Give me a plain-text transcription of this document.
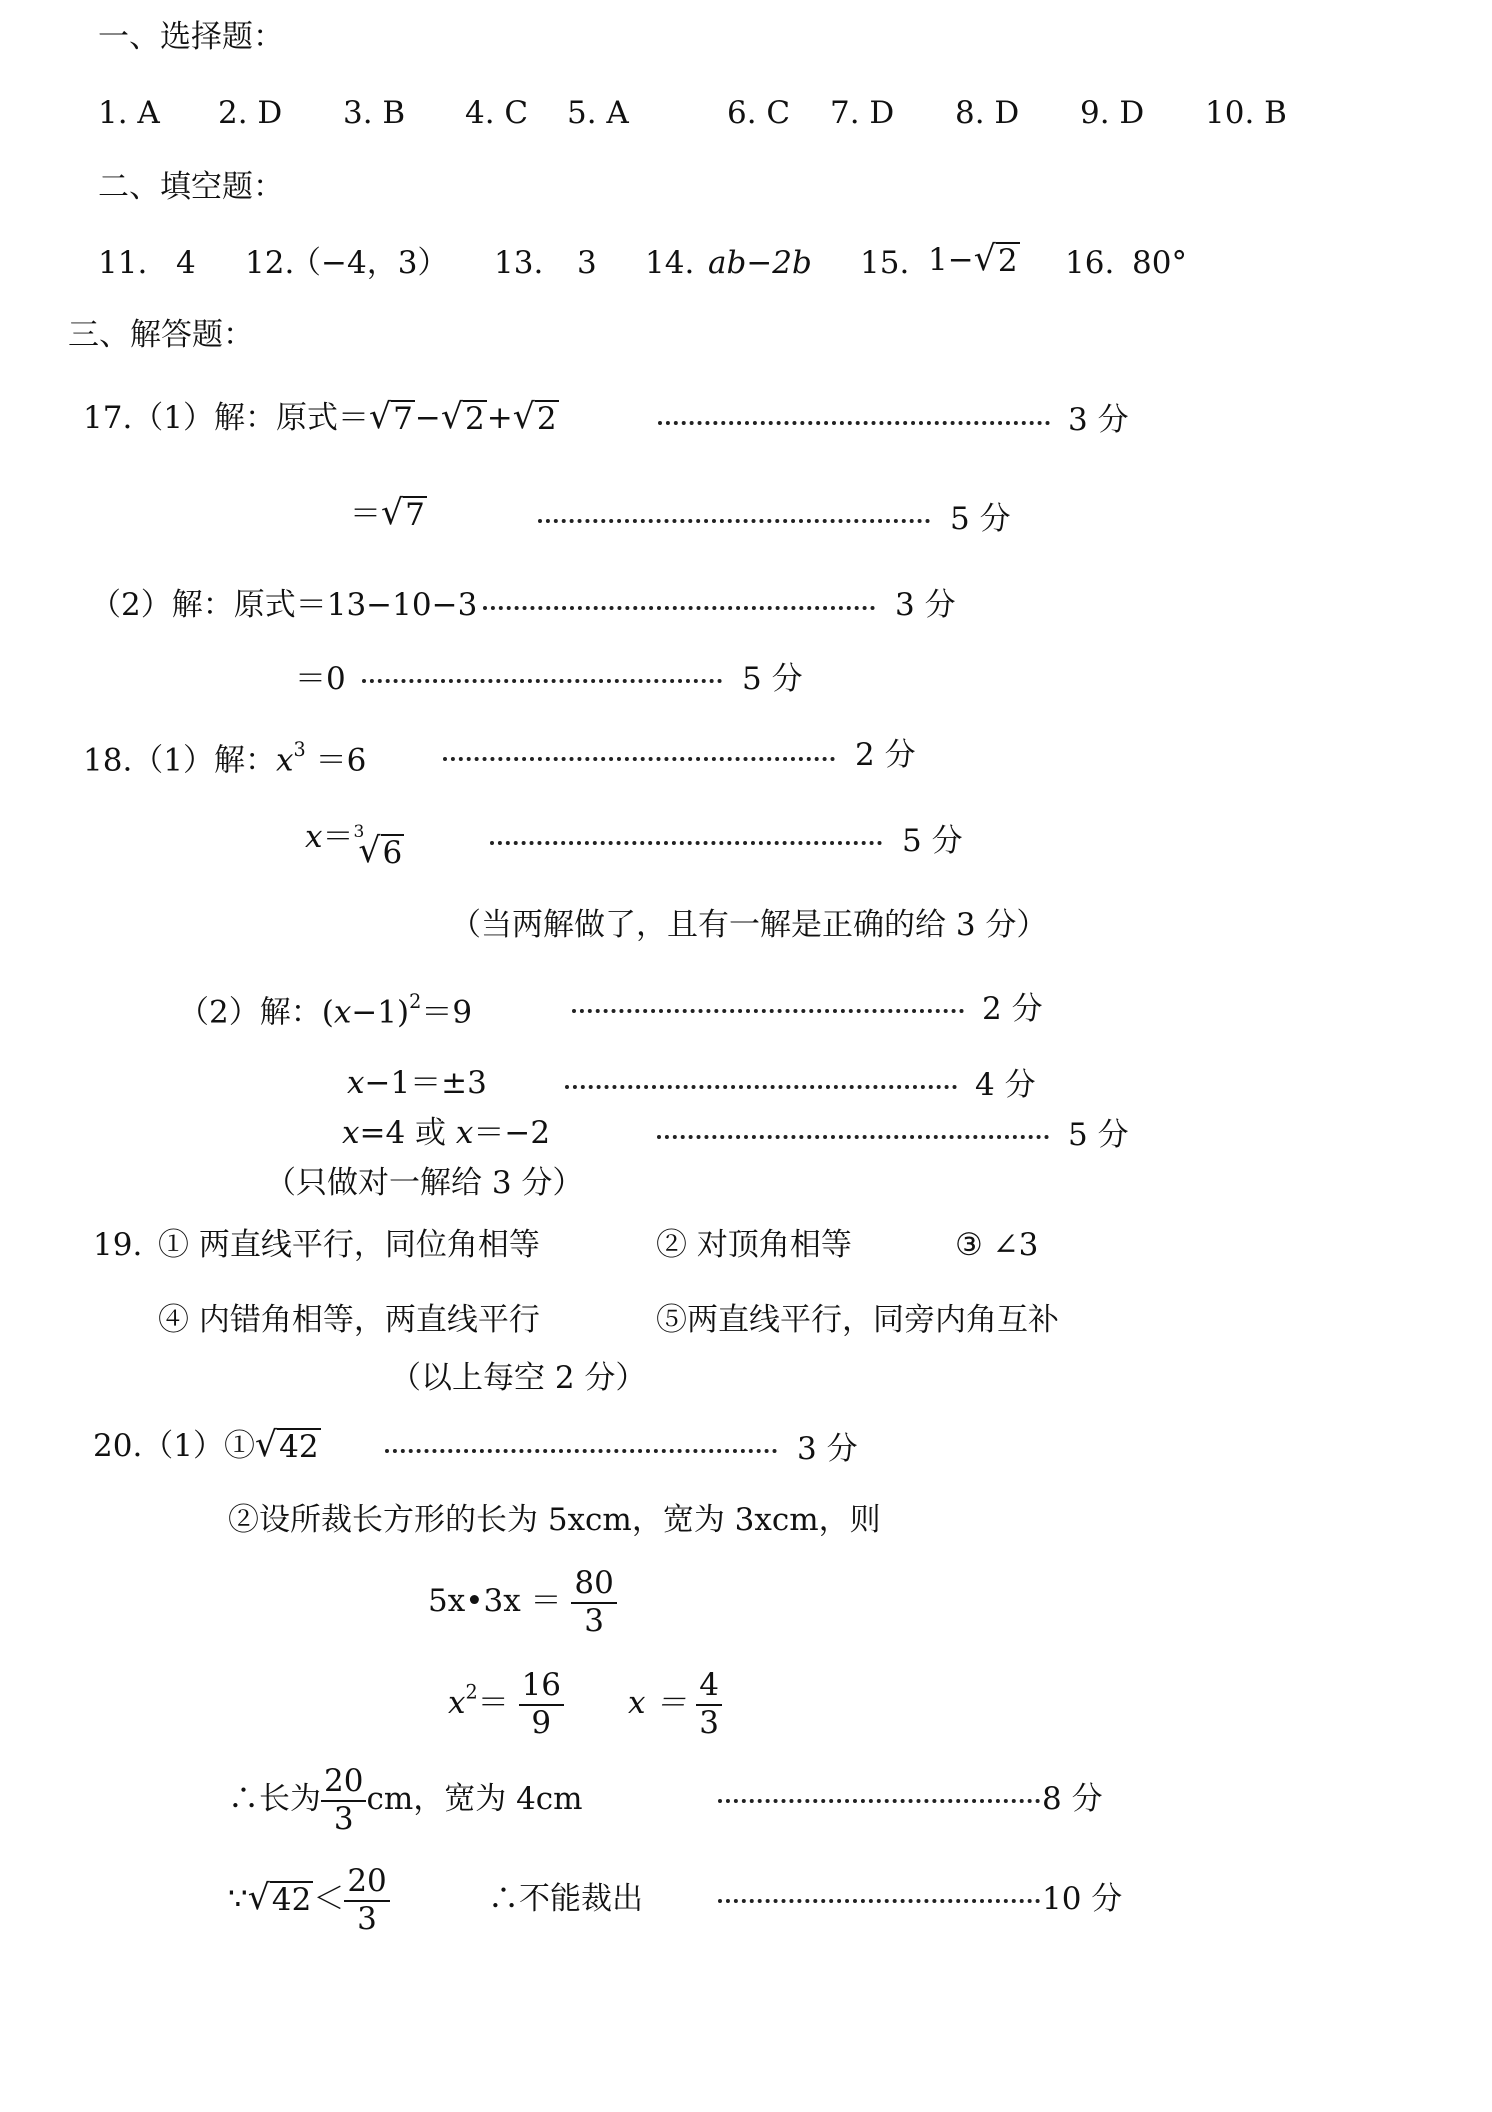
一、选择题：
1. A 2. D 3. B 4. C 5. A	6. C 7. D 8. D 9. D 10. B
二、填空题：
11. 4 12.
（−4，3） 13. 3 14. ab−2b 15. 1− √ 2 16. 80°
三、解答题：
17.（1）解：原式＝ √ 7 − √ 2 + √ 2	3 分
＝ √ 7	5 分
（2）解：原式＝13−10−3	3 分
＝0	5 分
18.（1）解：$x^3 =6$	2 分
x＝ 3
√ 6	5 分
（当两解做了，且有一解是正确的给 3 分）
（2）解：$(x-1)^2=9$	2 分
x−1＝±3	4 分
x=4 或 x＝−2	5 分
（只做对一解给 3 分）
19. ① 两直线平行，同位角相等	② 对顶角相等	③ ∠3
④ 内错角相等，两直线平行	⑤两直线平行，同旁内角互补
（以上每空 2 分）
20.（1）① √ 42	3 分
②设所裁长方形的长为 5xcm，宽为 3xcm，则
5x•3x ＝ $\frac{80}{3}$
$x^2= \frac{16}{9}$ $x = \frac{4}{3}$
∴长为 $\frac{20}{3}$ cm，宽为 4cm	8 分
∵ √ $42 < \frac{20}{3}$	∴不能裁出	10 分
